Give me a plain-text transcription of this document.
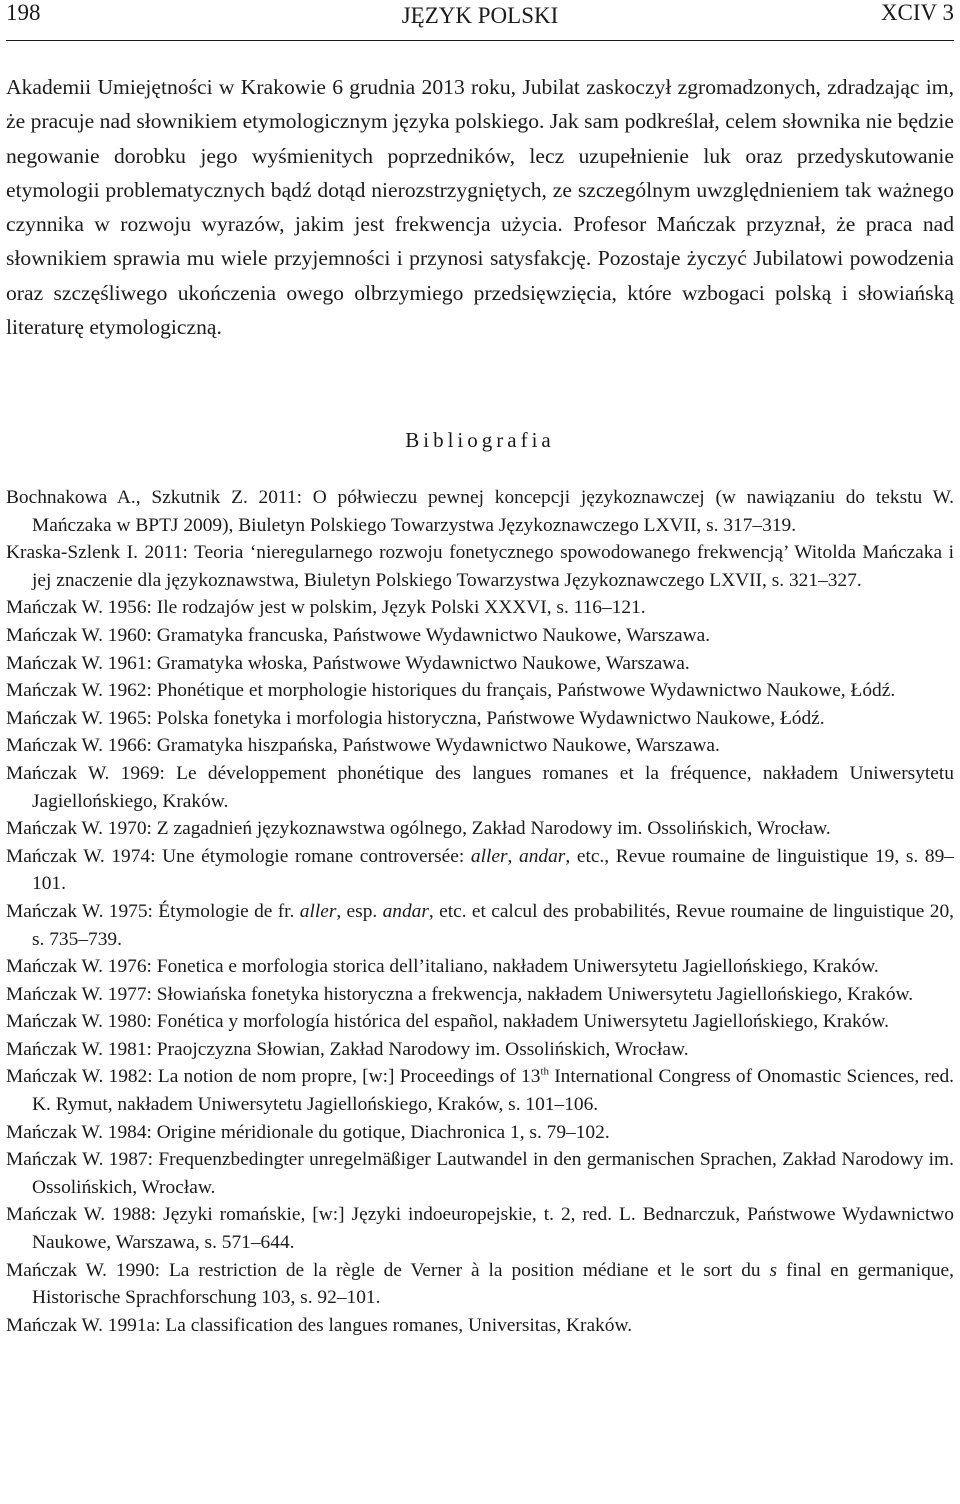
198	JĘZYK POLSKI	XCIV 3

Akademii Umiejętności w Krakowie 6 grudnia 2013 roku, Jubilat zaskoczył zgromadzonych, zdradzając im, że pracuje nad słownikiem etymologicznym języka polskiego. Jak sam podkreślał, celem słownika nie będzie negowanie dorobku jego wyśmienitych poprzedników, lecz uzupełnienie luk oraz przedyskutowanie etymologii problematycznych bądź dotąd nierozstrzygniętych, ze szczególnym uwzględnieniem tak ważnego czynnika w rozwoju wyrazów, jakim jest frekwencja użycia. Profesor Mańczak przyznał, że praca nad słownikiem sprawia mu wiele przyjemności i przynosi satysfakcję. Pozostaje życzyć Jubilatowi powodzenia oraz szczęśliwego ukończenia owego olbrzymiego przedsięwzięcia, które wzbogaci polską i słowiańską literaturę etymologiczną.

Bibliografia
Bochnakowa A., Szkutnik Z. 2011: O półwieczu pewnej koncepcji językoznawczej (w nawiązaniu do tekstu W. Mańczaka w BPTJ 2009), Biuletyn Polskiego Towarzystwa Językoznawczego LXVII, s. 317–319.
Kraska-Szlenk I. 2011: Teoria ‘nieregularnego rozwoju fonetycznego spowodowanego frekwencją’ Witolda Mańczaka i jej znaczenie dla językoznawstwa, Biuletyn Polskiego Towarzystwa Językoznawczego LXVII, s. 321–327.
Mańczak W. 1956: Ile rodzajów jest w polskim, Język Polski XXXVI, s. 116–121.
Mańczak W. 1960: Gramatyka francuska, Państwowe Wydawnictwo Naukowe, Warszawa.
Mańczak W. 1961: Gramatyka włoska, Państwowe Wydawnictwo Naukowe, Warszawa.
Mańczak W. 1962: Phonétique et morphologie historiques du français, Państwowe Wydawnictwo Naukowe, Łódź.
Mańczak W. 1965: Polska fonetyka i morfologia historyczna, Państwowe Wydawnictwo Naukowe, Łódź.
Mańczak W. 1966: Gramatyka hiszpańska, Państwowe Wydawnictwo Naukowe, Warszawa.
Mańczak W. 1969: Le développement phonétique des langues romanes et la fréquence, nakładem Uniwersytetu Jagiellońskiego, Kraków.
Mańczak W. 1970: Z zagadnień językoznawstwa ogólnego, Zakład Narodowy im. Ossolińskich, Wrocław.
Mańczak W. 1974: Une étymologie romane controversée: aller, andar, etc., Revue roumaine de linguistique 19, s. 89–101.
Mańczak W. 1975: Étymologie de fr. aller, esp. andar, etc. et calcul des probabilités, Revue roumaine de linguistique 20, s. 735–739.
Mańczak W. 1976: Fonetica e morfologia storica dell’italiano, nakładem Uniwersytetu Jagiellońskiego, Kraków.
Mańczak W. 1977: Słowiańska fonetyka historyczna a frekwencja, nakładem Uniwersytetu Jagiellońskiego, Kraków.
Mańczak W. 1980: Fonética y morfología histórica del español, nakładem Uniwersytetu Jagiellońskiego, Kraków.
Mańczak W. 1981: Praojczyzna Słowian, Zakład Narodowy im. Ossolińskich, Wrocław.
Mańczak W. 1982: La notion de nom propre, [w:] Proceedings of 13th International Congress of Onomastic Sciences, red. K. Rymut, nakładem Uniwersytetu Jagiellońskiego, Kraków, s. 101–106.
Mańczak W. 1984: Origine méridionale du gotique, Diachronica 1, s. 79–102.
Mańczak W. 1987: Frequenzbedingter unregelmäßiger Lautwandel in den germanischen Sprachen, Zakład Narodowy im. Ossolińskich, Wrocław.
Mańczak W. 1988: Języki romańskie, [w:] Języki indoeuropejskie, t. 2, red. L. Bednarczuk, Państwowe Wydawnictwo Naukowe, Warszawa, s. 571–644.
Mańczak W. 1990: La restriction de la règle de Verner à la position médiane et le sort du s final en germanique, Historische Sprachforschung 103, s. 92–101.
Mańczak W. 1991a: La classification des langues romanes, Universitas, Kraków.
